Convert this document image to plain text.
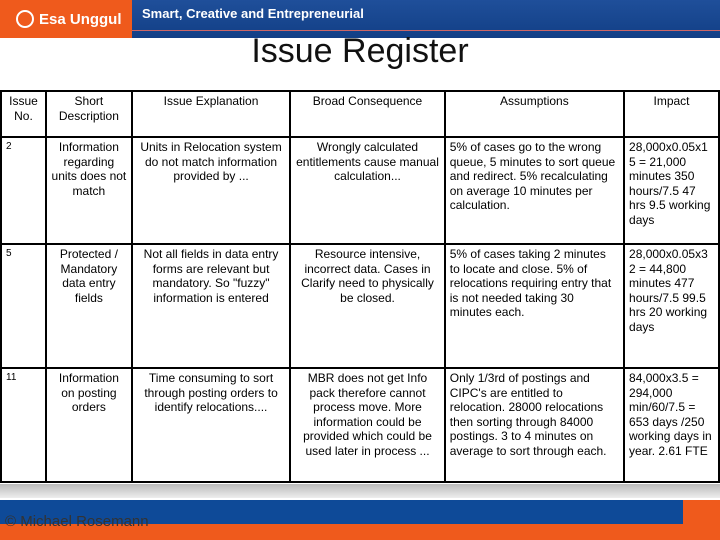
Esa Unggul Smart, Creative and Entrepreneurial
Issue Register
Issue No.	Short Description	Issue Explanation	Broad Consequence	Assumptions	Impact
2	Information regarding units does not match	Units in Relocation system do not match information provided by ...	Wrongly calculated entitlements cause manual calculation...	5% of cases go to the wrong queue, 5 minutes to sort queue and redirect. 5% recalculating on average 10 minutes per calculation.	28,000x0.05x1 5 = 21,000 minutes 350 hours/7.5 47 hrs 9.5 working days
5	Protected / Mandatory data entry fields	Not all fields in data entry forms are relevant but mandatory. So "fuzzy" information is entered	Resource intensive, incorrect data. Cases in Clarify need to physically be closed.	5% of cases taking 2 minutes to locate and close. 5% of relocations requiring entry that is not needed taking 30 minutes each.	28,000x0.05x3 2 = 44,800 minutes 477 hours/7.5 99.5 hrs 20 working days
11	Information on posting orders	Time consuming to sort through posting orders to identify relocations....	MBR does not get Info pack therefore cannot process move. More information could be provided which could be used later in process ...	Only 1/3rd of postings and CIPC's are entitled to relocation. 28000 relocations then sorting through 84000 postings. 3 to 4 minutes on average to sort through each.	84,000x3.5 = 294,000 min/60/7.5 = 653 days /250 working days in year. 2.61 FTE
© Michael Rosemann
